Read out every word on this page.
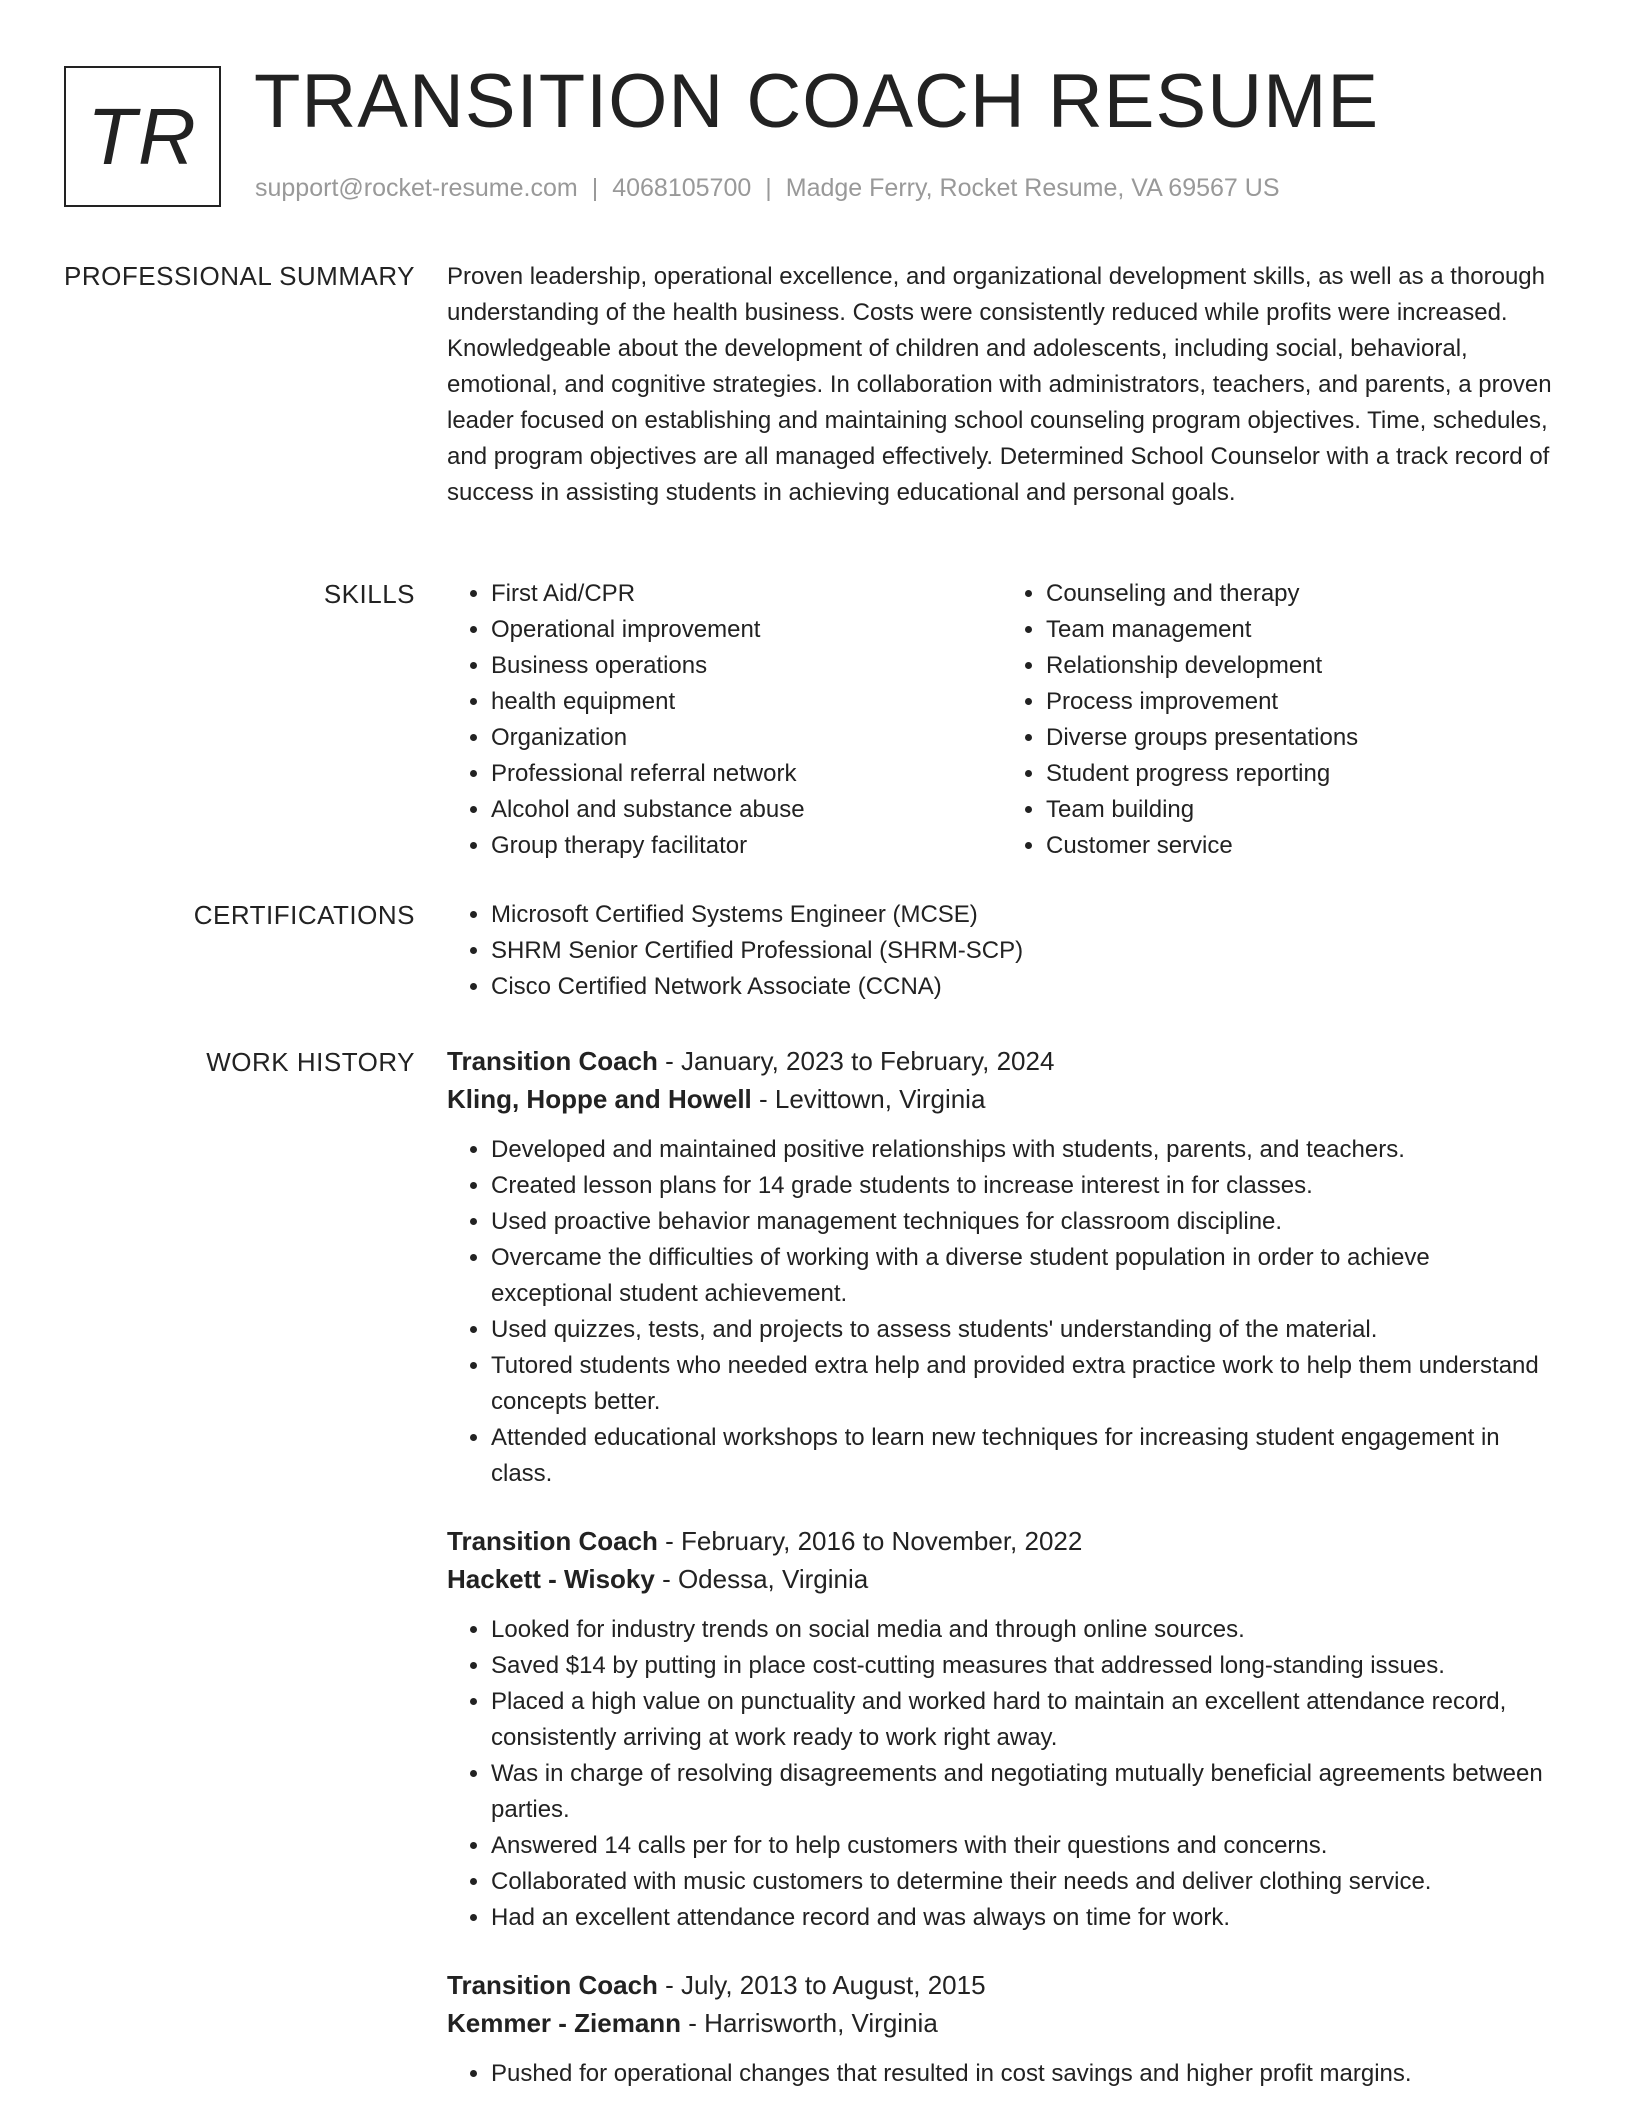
TR TRANSITION COACH RESUME
support@rocket-resume.com | 4068105700 | Madge Ferry, Rocket Resume, VA 69567 US
PROFESSIONAL SUMMARY Proven leadership, operational excellence, and organizational development skills, as well as a thorough understanding of the health business. Costs were consistently reduced while profits were increased. Knowledgeable about the development of children and adolescents, including social, behavioral, emotional, and cognitive strategies. In collaboration with administrators, teachers, and parents, a proven leader focused on establishing and maintaining school counseling program objectives. Time, schedules, and program objectives are all managed effectively. Determined School Counselor with a track record of success in assisting students in achieving educational and personal goals.

SKILLS	• First Aid/CPR
• Operational improvement
• Business operations
• health equipment
• Organization
• Professional referral network
• Alcohol and substance abuse
• Group therapy facilitator
• Counseling and therapy
• Team management
• Relationship development
• Process improvement
• Diverse groups presentations
• Student progress reporting
• Team building
• Customer service
CERTIFICATIONS	• Microsoft Certified Systems Engineer (MCSE)
• SHRM Senior Certified Professional (SHRM-SCP)
• Cisco Certified Network Associate (CCNA)
WORK HISTORY Transition Coach - January, 2023 to February, 2024
Kling, Hoppe and Howell - Levittown, Virginia
• Developed and maintained positive relationships with students, parents, and teachers.
• Created lesson plans for 14 grade students to increase interest in for classes.
• Used proactive behavior management techniques for classroom discipline.
• Overcame the difficulties of working with a diverse student population in order to achieve exceptional student achievement.
• Used quizzes, tests, and projects to assess students' understanding of the material.
• Tutored students who needed extra help and provided extra practice work to help them understand concepts better.
• Attended educational workshops to learn new techniques for increasing student engagement in class.
Transition Coach - February, 2016 to November, 2022
Hackett - Wisoky - Odessa, Virginia
• Looked for industry trends on social media and through online sources.
• Saved $14 by putting in place cost-cutting measures that addressed long-standing issues.
• Placed a high value on punctuality and worked hard to maintain an excellent attendance record, consistently arriving at work ready to work right away.
• Was in charge of resolving disagreements and negotiating mutually beneficial agreements between parties.
• Answered 14 calls per for to help customers with their questions and concerns.
• Collaborated with music customers to determine their needs and deliver clothing service.
• Had an excellent attendance record and was always on time for work.
Transition Coach - July, 2013 to August, 2015
Kemmer - Ziemann - Harrisworth, Virginia
• Pushed for operational changes that resulted in cost savings and higher profit margins.
